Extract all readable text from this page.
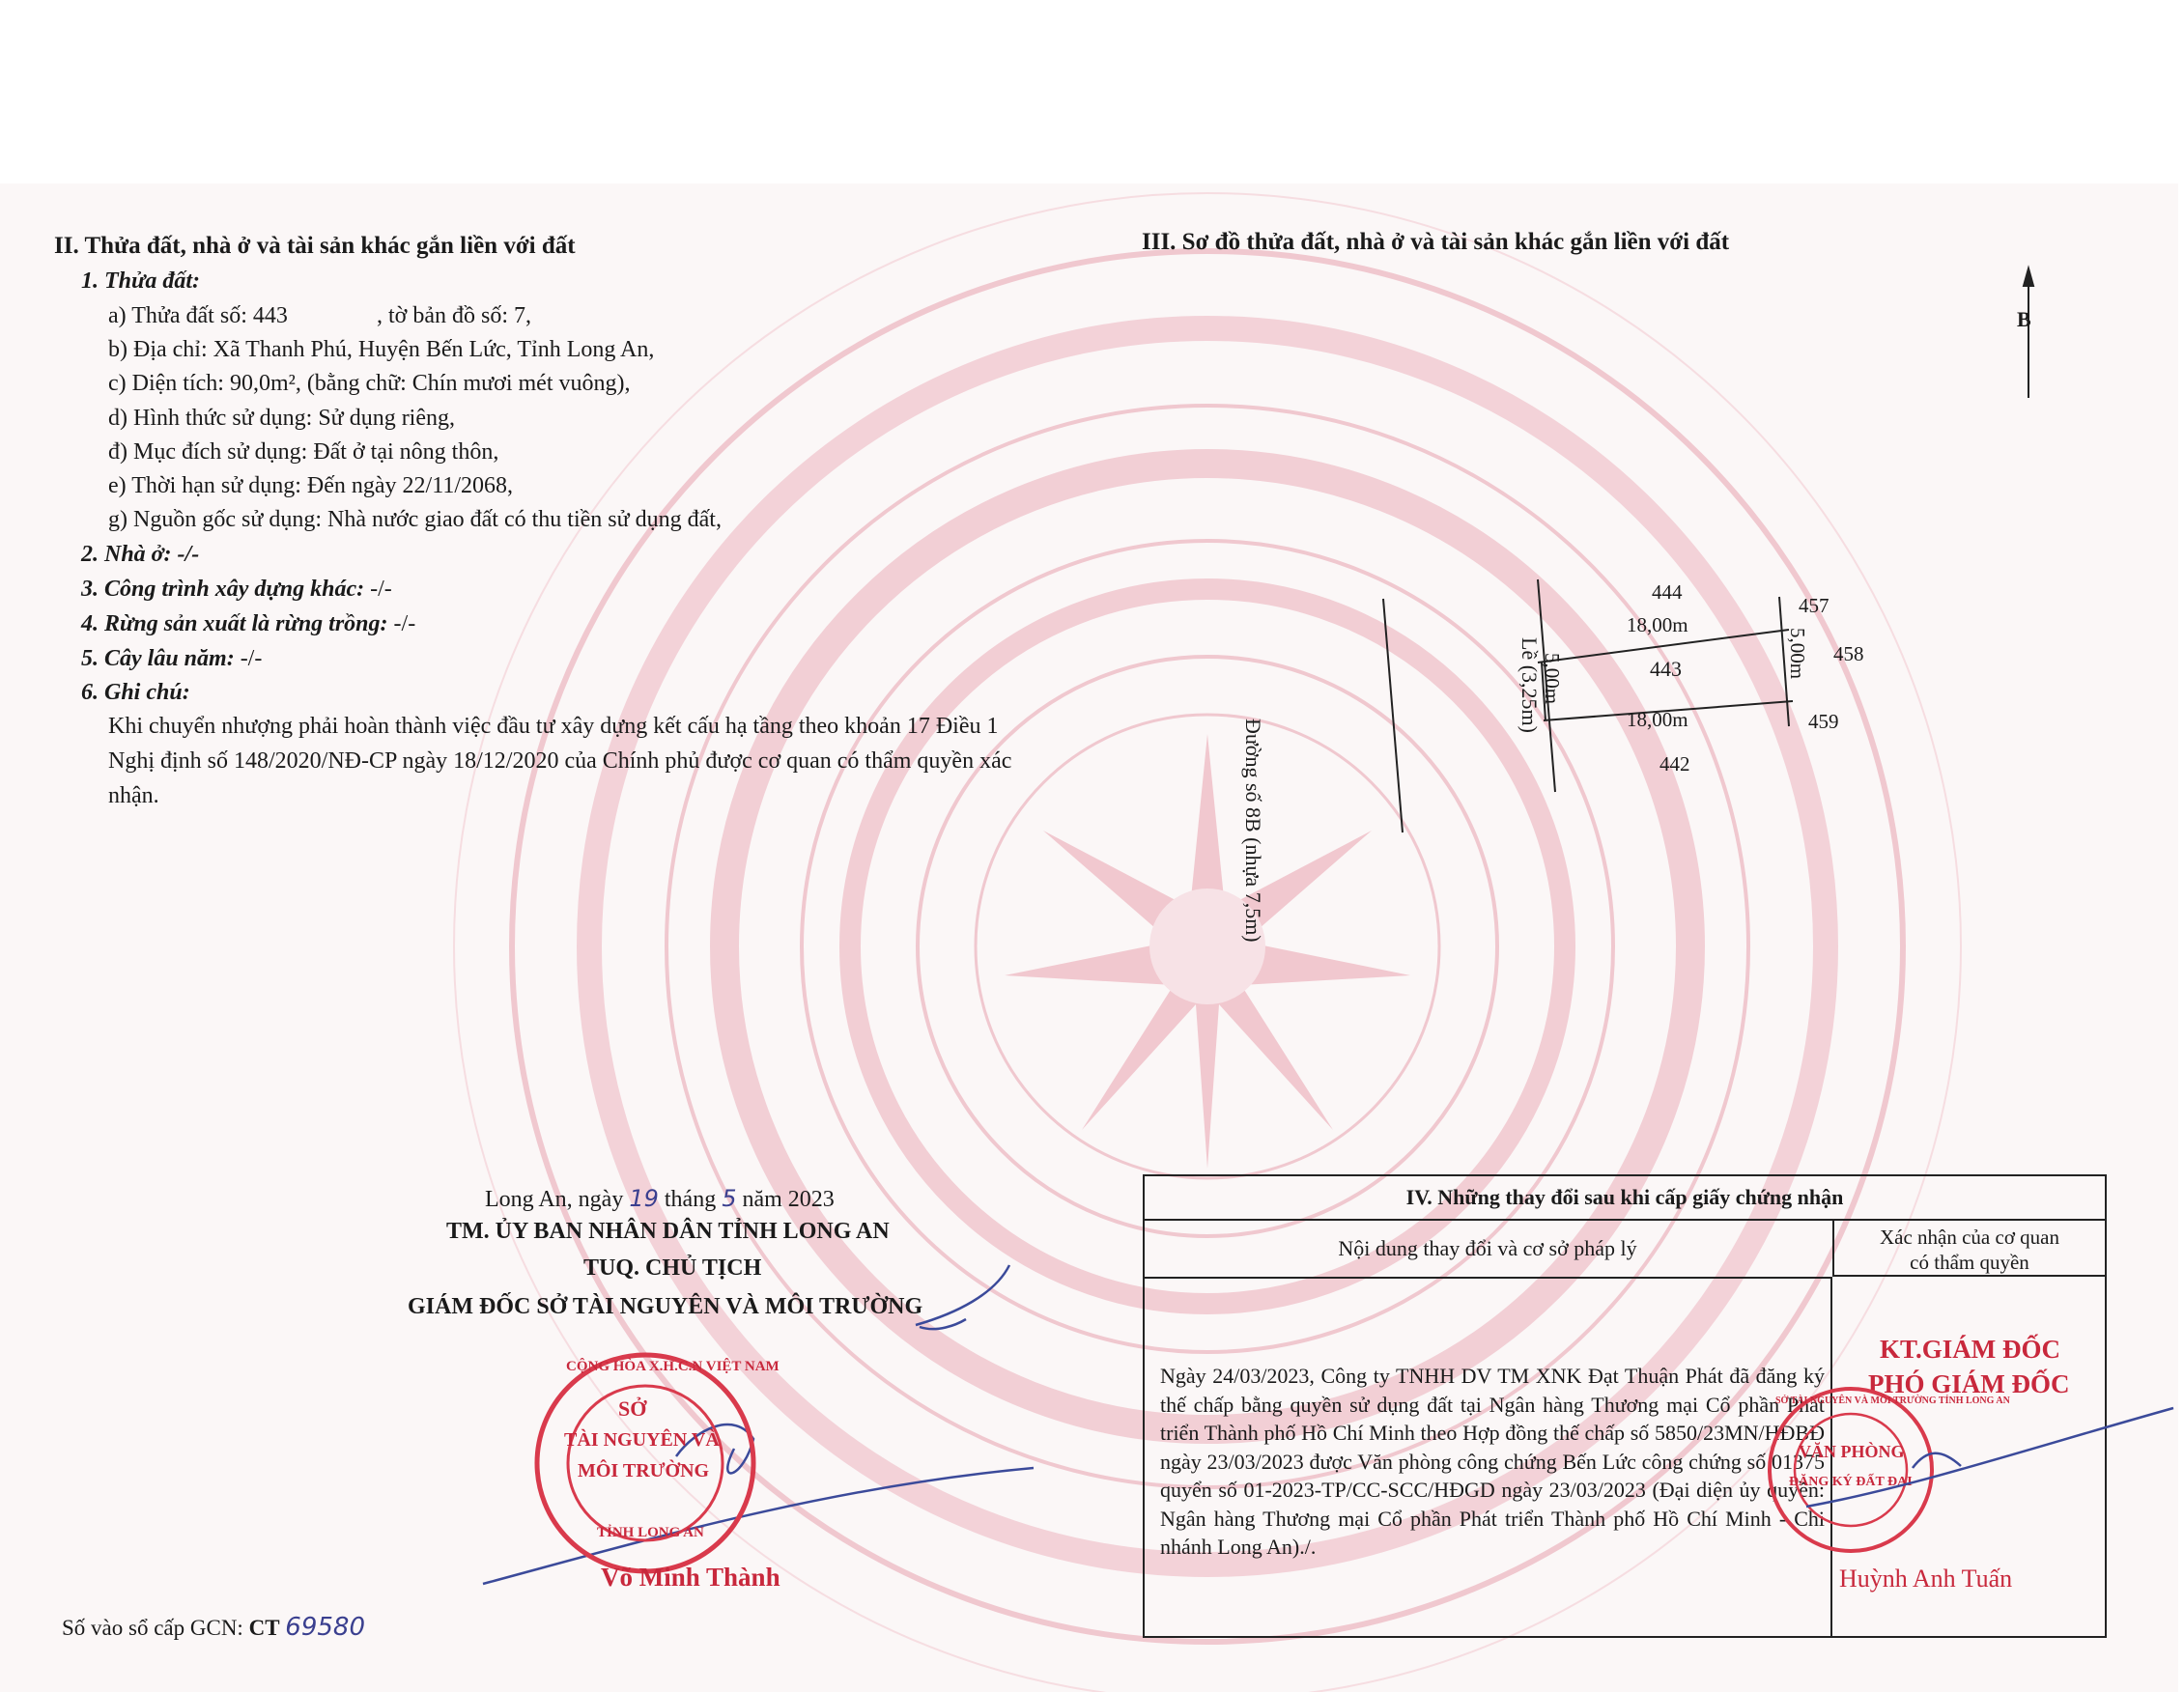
II. Thửa đất, nhà ở và tài sản khác gắn liền với đất
1. Thửa đất:
a) Thửa đất số: 443	, tờ bản đồ số: 7,
b) Địa chỉ: Xã Thanh Phú, Huyện Bến Lức, Tỉnh Long An,
c) Diện tích: 90,0m², (bằng chữ: Chín mươi mét vuông),
d) Hình thức sử dụng: Sử dụng riêng,
đ) Mục đích sử dụng: Đất ở tại nông thôn,
e) Thời hạn sử dụng: Đến ngày 22/11/2068,
g) Nguồn gốc sử dụng: Nhà nước giao đất có thu tiền sử dụng đất,
2. Nhà ở: -/-
3. Công trình xây dựng khác: -/-
4. Rừng sản xuất là rừng trồng: -/-
5. Cây lâu năm: -/-
6. Ghi chú:
Khi chuyển nhượng phải hoàn thành việc đầu tư xây dựng kết cấu hạ tầng theo khoản 17 Điều 1 Nghị định số 148/2020/NĐ-CP ngày 18/12/2020 của Chính phủ được cơ quan có thẩm quyền xác nhận.
III. Sơ đồ thửa đất, nhà ở và tài sản khác gắn liền với đất
B
Đường số 8B (nhựa 7,5m)
Lề (3,25m) 5,00m	5,00m
444
18,00m
443
18,00m
442
457
458
459
Long An, ngày 19 tháng 5 năm 2023
TM. ỦY BAN NHÂN DÂN TỈNH LONG AN
TUQ. CHỦ TỊCH
GIÁM ĐỐC SỞ TÀI NGUYÊN VÀ MÔI TRƯỜNG
SỞ
TÀI NGUYÊN VÀ
MÔI TRƯỜNG
CỘNG HÒA X.H.C.N VIỆT NAM
TỈNH LONG AN
Võ Minh Thành
Số vào sổ cấp GCN: CT 69580
IV. Những thay đổi sau khi cấp giấy chứng nhận
Nội dung thay đổi và cơ sở pháp lý	Xác nhận của cơ quan
có thẩm quyền
Ngày 24/03/2023, Công ty TNHH DV TM XNK Đạt Thuận Phát đã đăng ký thế chấp bằng quyền sử dụng đất tại Ngân hàng Thương mại Cổ phần Phát triển Thành phố Hồ Chí Minh theo Hợp đồng thế chấp số 5850/23MN/HĐBĐ ngày 23/03/2023 được Văn phòng công chứng Bến Lức công chứng số 01375 quyển số 01-2023-TP/CC-SCC/HĐGD ngày 23/03/2023 (Đại diện ủy quyền: Ngân hàng Thương mại Cổ phần Phát triển Thành phố Hồ Chí Minh - Chi nhánh Long An)./.
KT.GIÁM ĐỐC
PHÓ GIÁM ĐỐC
VĂN PHÒNG
ĐĂNG KÝ ĐẤT ĐAI
SỞ TÀI NGUYÊN VÀ MÔI TRƯỜNG TỈNH LONG AN
Huỳnh Anh Tuấn
